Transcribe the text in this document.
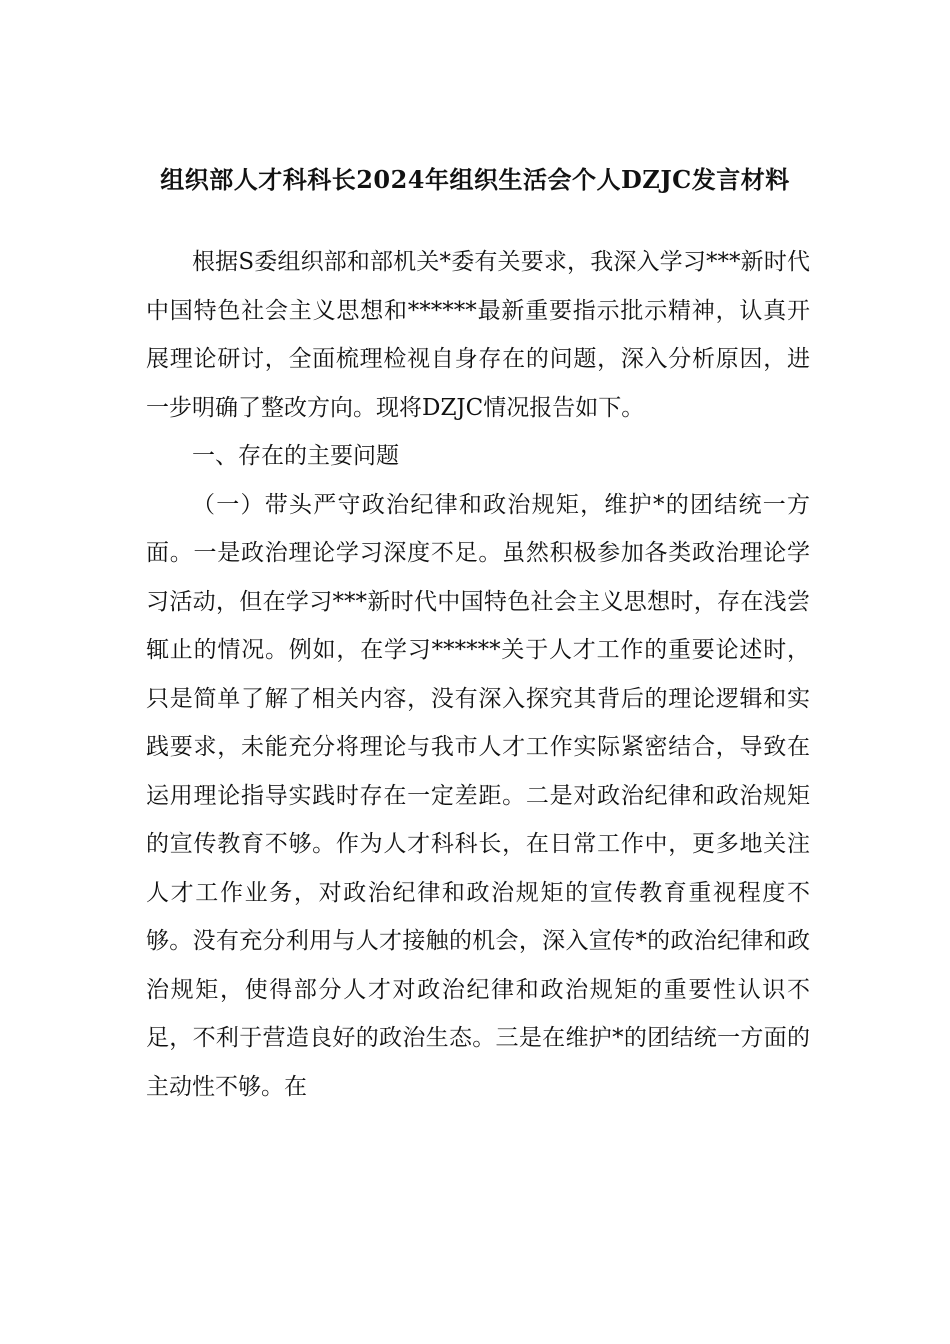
组织部人才科科长2024年组织生活会个人DZJC发言材料

根据S委组织部和部机关*委有关要求，我深入学习***新时代中国特色社会主义思想和******最新重要指示批示精神，认真开展理论研讨，全面梳理检视自身存在的问题，深入分析原因，进一步明确了整改方向。现将DZJC情况报告如下。

一、存在的主要问题

（一）带头严守政治纪律和政治规矩，维护*的团结统一方面。一是政治理论学习深度不足。虽然积极参加各类政治理论学习活动，但在学习***新时代中国特色社会主义思想时，存在浅尝辄止的情况。例如，在学习******关于人才工作的重要论述时，只是简单了解了相关内容，没有深入探究其背后的理论逻辑和实践要求，未能充分将理论与我市人才工作实际紧密结合，导致在运用理论指导实践时存在一定差距。二是对政治纪律和政治规矩的宣传教育不够。作为人才科科长，在日常工作中，更多地关注人才工作业务，对政治纪律和政治规矩的宣传教育重视程度不够。没有充分利用与人才接触的机会，深入宣传*的政治纪律和政治规矩，使得部分人才对政治纪律和政治规矩的重要性认识不足，不利于营造良好的政治生态。三是在维护*的团结统一方面的主动性不够。在
